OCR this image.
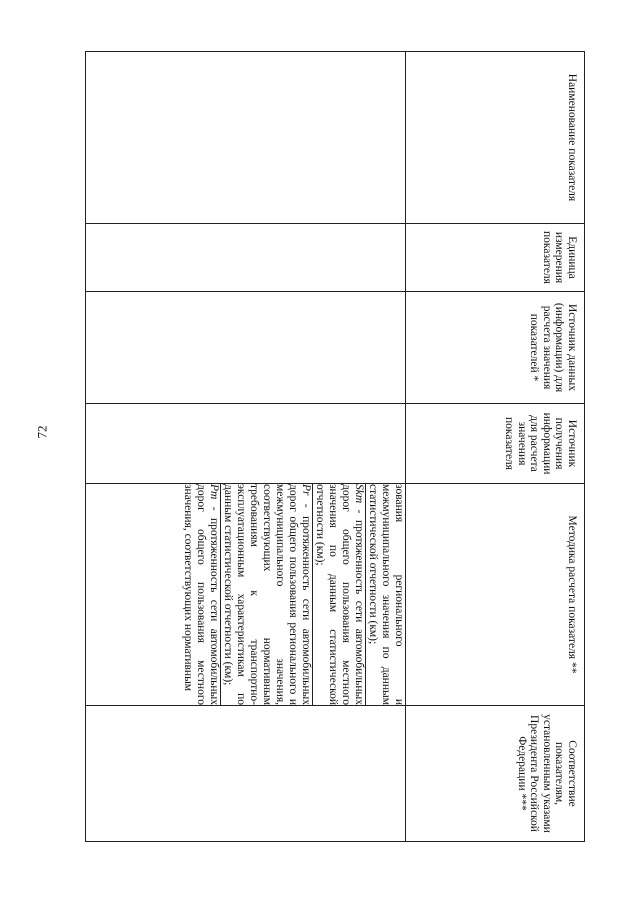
72
Наименование показателя	Единица измерения показателя	Источник данных (информации) для расчета значения показателей *	Источник получения информации для расчета значения показателя	Методика расчета показателя **	Соответствие показателям, установленным указами Президента Российской Федерации ***

				зования регионального и межмуниципального значения по данным статистической отчетности (км);
Skm - протяженность сети автомобильных дорог общего пользования местного значения по данным статистической отчетности (км);
Pr - протяженность сети автомобильных дорог общего пользования регионального и межмуниципального значения, соответствующих нормативным требованиям к транспортно-эксплуатационным характеристикам по данным статистической отчетности (км);
Pm - протяженность сети автомобильных дорог общего пользования местного значения, соответствующих нормативным	
